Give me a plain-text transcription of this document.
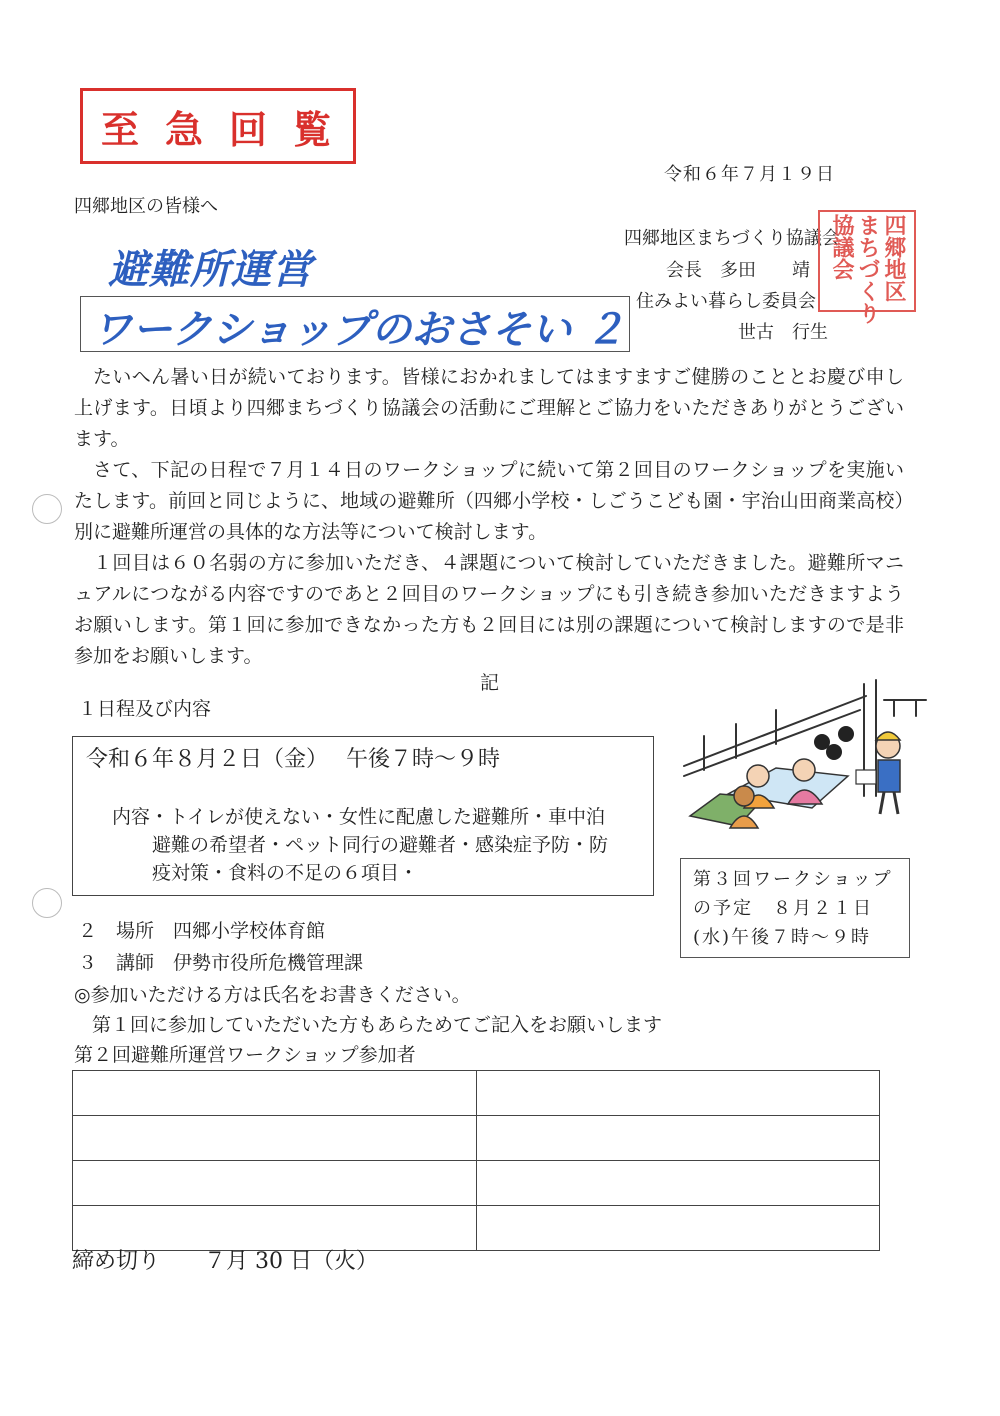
至急回覧
令和６年７月１９日
四郷地区の皆様へ
四郷地区まちづくり協議会
会長　多田　　靖
住みよい暮らし委員会
世古　行生
四郷地区
まちづくり
協議会
避難所運営
ワークショップのおさそい ２

たいへん暑い日が続いております。皆様におかれましてはますますご健勝のこととお慶び申し上げます。日頃より四郷まちづくり協議会の活動にご理解とご協力をいただきありがとうございます。

さて、下記の日程で７月１４日のワークショップに続いて第２回目のワークショップを実施いたします。前回と同じように、地域の避難所（四郷小学校・しごうこども園・宇治山田商業高校）別に避難所運営の具体的な方法等について検討します。

１回目は６０名弱の方に参加いただき、４課題について検討していただきました。避難所マニュアルにつながる内容ですのであと２回目のワークショップにも引き続き参加いただきますようお願いします。第１回に参加できなかった方も２回目には別の課題について検討しますので是非参加をお願いします。

記
１日程及び内容
令和６年８月２日（金）　 午後７時～９時
内容・トイレが使えない・女性に配慮した避難所・車中泊
避難の希望者・ペット同行の避難者・感染症予防・防
疫対策・食料の不足の６項目・	第３回ワークショップの予定　８月２１日(水)午後７時～９時
２　場所　四郷小学校体育館
３　講師　伊勢市役所危機管理課
◎参加いただける方は氏名をお書きください。
第１回に参加していただいた方もあらためてご記入をお願いします
第２回避難所運営ワークショップ参加者

締め切り　　７月 30 日（火）
